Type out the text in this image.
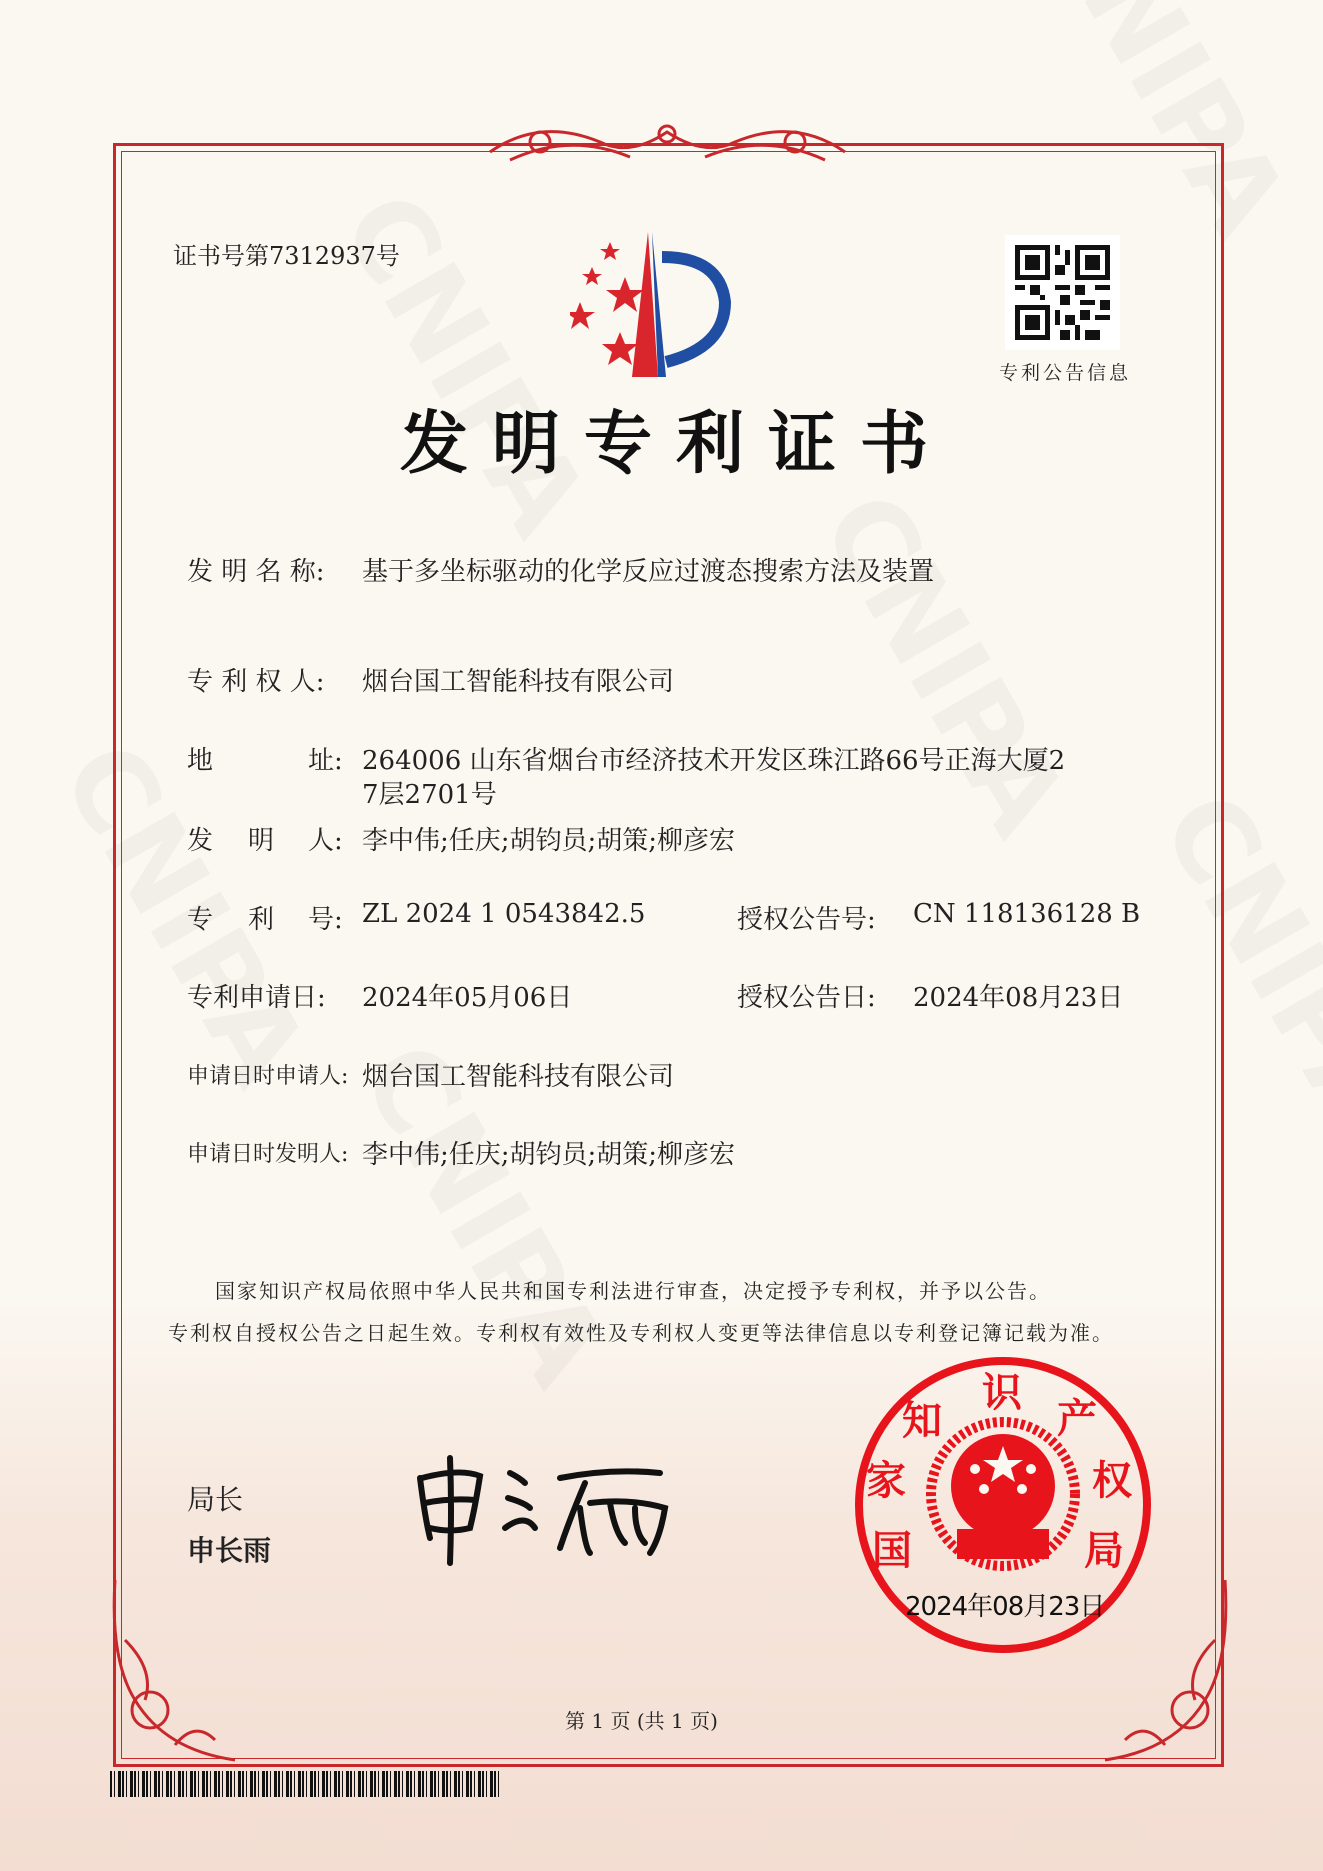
证书号第7312937号
专利公告信息
发明专利证书
发 明 名 称: 基于多坐标驱动的化学反应过渡态搜索方法及装置
专 利 权 人: 烟台国工智能科技有限公司
地	址: 264006 山东省烟台市经济技术开发区珠江路66号正海大厦2
7层2701号
发 明 人: 李中伟;任庆;胡钧员;胡策;柳彦宏
专 利 号: ZL 2024 1 0543842.5	授权公告号: CN 118136128 B
专利申请日: 2024年05月06日	授权公告日: 2024年08月23日
申请日时申请人: 烟台国工智能科技有限公司
申请日时发明人: 李中伟;任庆;胡钧员;胡策;柳彦宏
国家知识产权局依照中华人民共和国专利法进行审查，决定授予专利权，并予以公告。
专利权自授权公告之日起生效。专利权有效性及专利权人变更等法律信息以专利登记簿记载为准。
局长
申长雨	国家知识产权局
2024年08月23日
第 1 页 (共 1 页)
